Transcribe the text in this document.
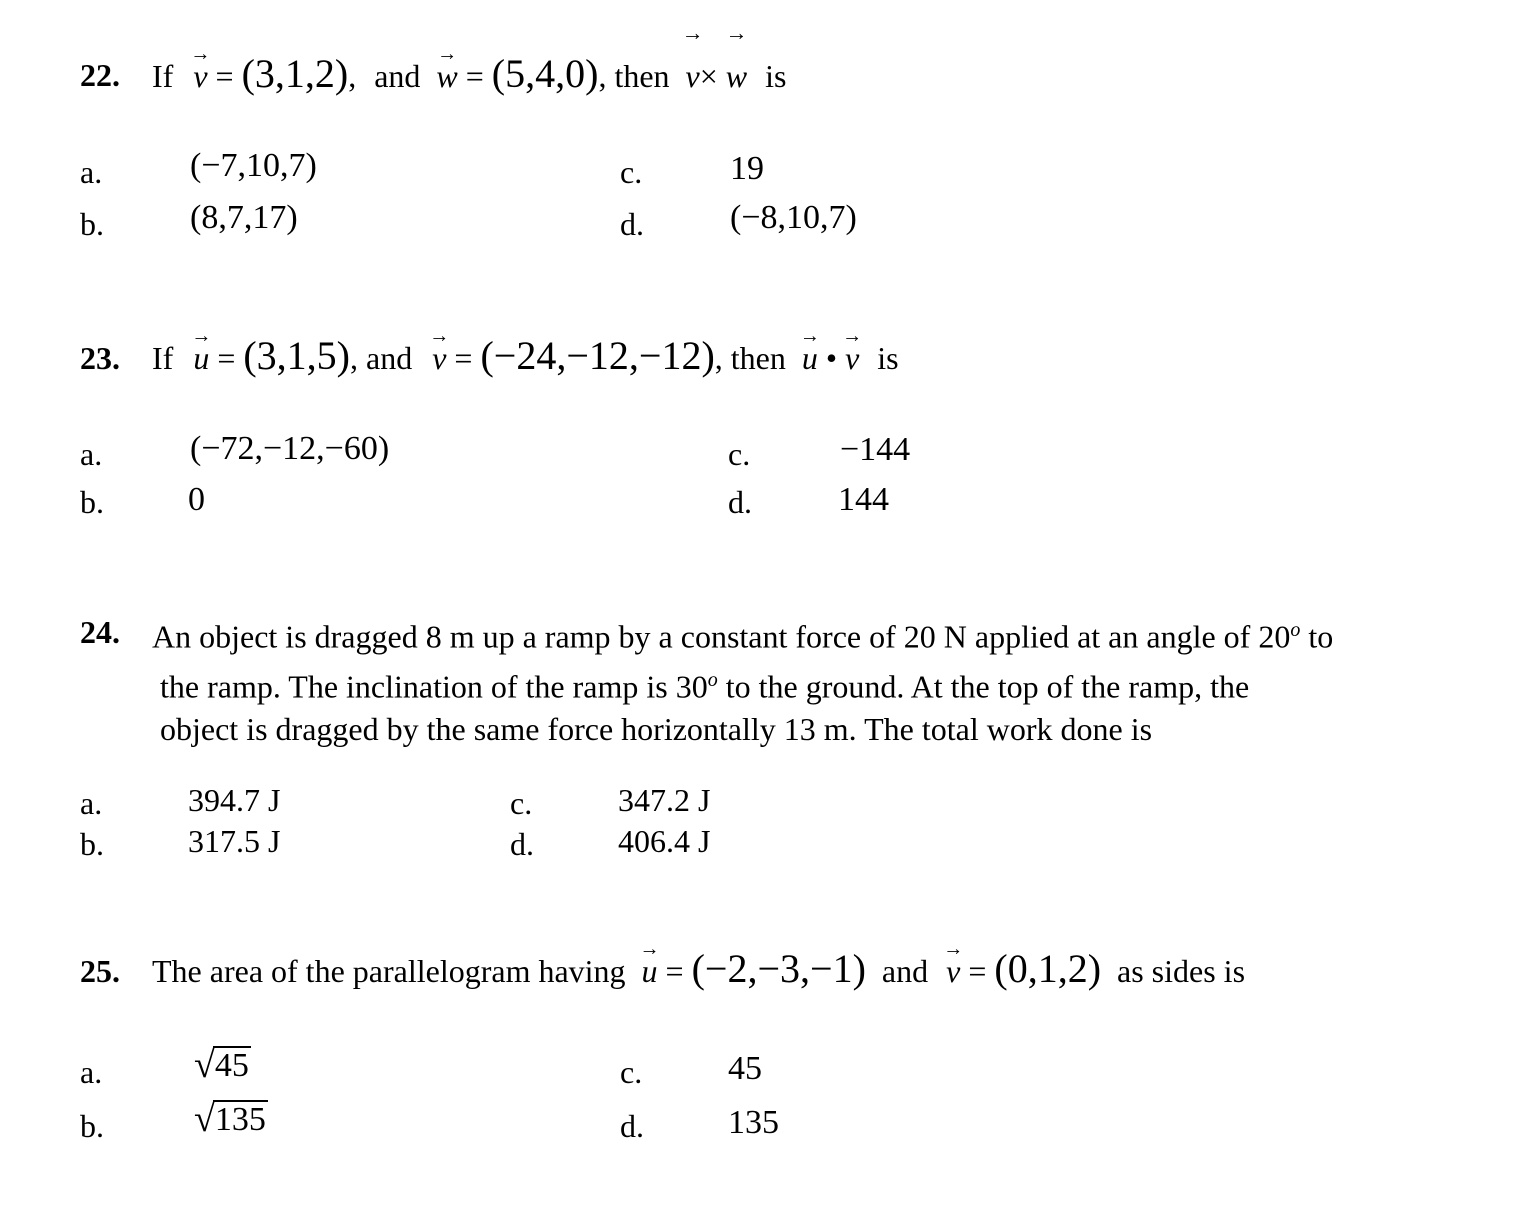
22. If → v = (3,1,2), and → w = (5,4,0), then → v× → w is
a.	(−7,10,7)
b.	(8,7,17)
c.	19
d.	(−8,10,7)
23. If → u = (3,1,5), and → v = (−24,−12,−12), then → u • → v is
a.	(−72,−12,−60)
b. 0
c.	−144
d.	144
24. An object is dragged 8 m up a ramp by a constant force of 20 N applied at an angle of 20$^o$ to
the ramp. The inclination of the ramp is 30$^o$ to the ground. At the top of the ramp, the
object is dragged by the same force horizontally 13 m. The total work done is
a.	394.7 J
b.	317.5 J
c.	347.2 J
d.	406.4 J
25. The area of the parallelogram having → u = (−2,−3,−1) and → v = (0,1,2) as sides is
a. √ 45
b. √ 135
c.	45
d. 135
